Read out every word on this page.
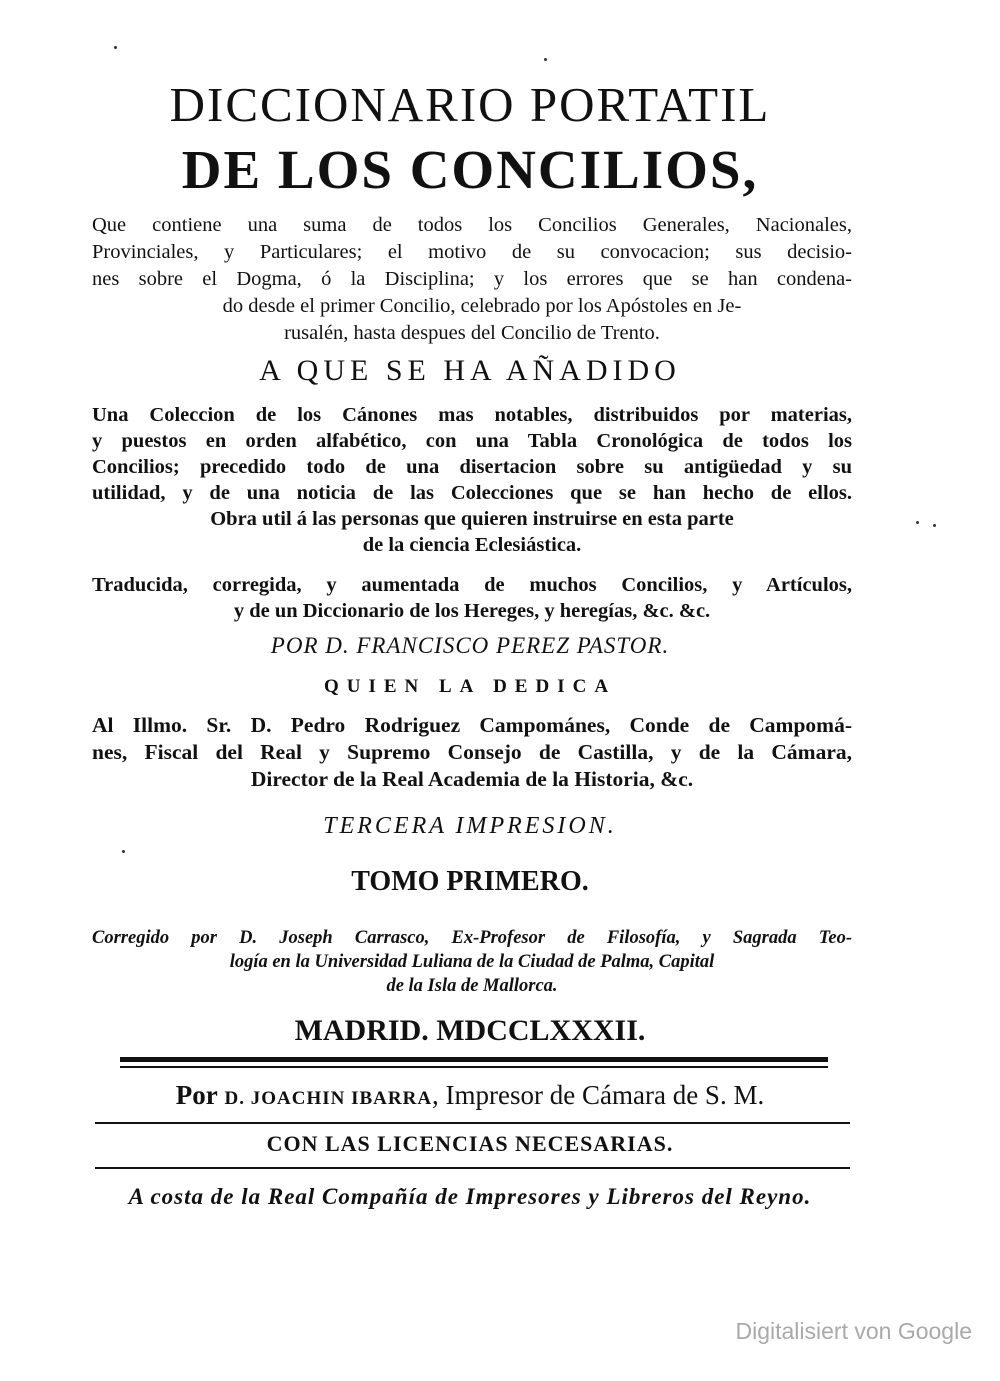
DICCIONARIO PORTATIL
DE LOS CONCILIOS,

Que contiene una suma de todos los Concilios Generales, Nacionales,

Provinciales, y Particulares; el motivo de su convocacion; sus decisio-

nes sobre el Dogma, ó la Disciplina; y los errores que se han condena-

do desde el primer Concilio, celebrado por los Apóstoles en Je-

rusalén, hasta despues del Concilio de Trento.

A QUE SE HA AÑADIDO

Una Coleccion de los Cánones mas notables, distribuidos por materias,

y puestos en orden alfabético, con una Tabla Cronológica de todos los

Concilios; precedido todo de una disertacion sobre su antigüedad y su

utilidad, y de una noticia de las Colecciones que se han hecho de ellos.

Obra util á las personas que quieren instruirse en esta parte

de la ciencia Eclesiástica.

Traducida, corregida, y aumentada de muchos Concilios, y Artículos,

y de un Diccionario de los Hereges, y heregías, &c. &c.

POR D. FRANCISCO PEREZ PASTOR.
QUIEN LA DEDICA

Al Illmo. Sr. D. Pedro Rodriguez Campománes, Conde de Campomá-

nes, Fiscal del Real y Supremo Consejo de Castilla, y de la Cámara,

Director de la Real Academia de la Historia, &c.

TERCERA IMPRESION.
TOMO PRIMERO.

Corregido por D. Joseph Carrasco, Ex-Profesor de Filosofía, y Sagrada Teo-

logía en la Universidad Luliana de la Ciudad de Palma, Capital

de la Isla de Mallorca.

MADRID. MDCCLXXXII.
Por D. JOACHIN IBARRA, Impresor de Cámara de S. M.
CON LAS LICENCIAS NECESARIAS.
A costa de la Real Compañía de Impresores y Libreros del Reyno.
Digitalisiert von Google
